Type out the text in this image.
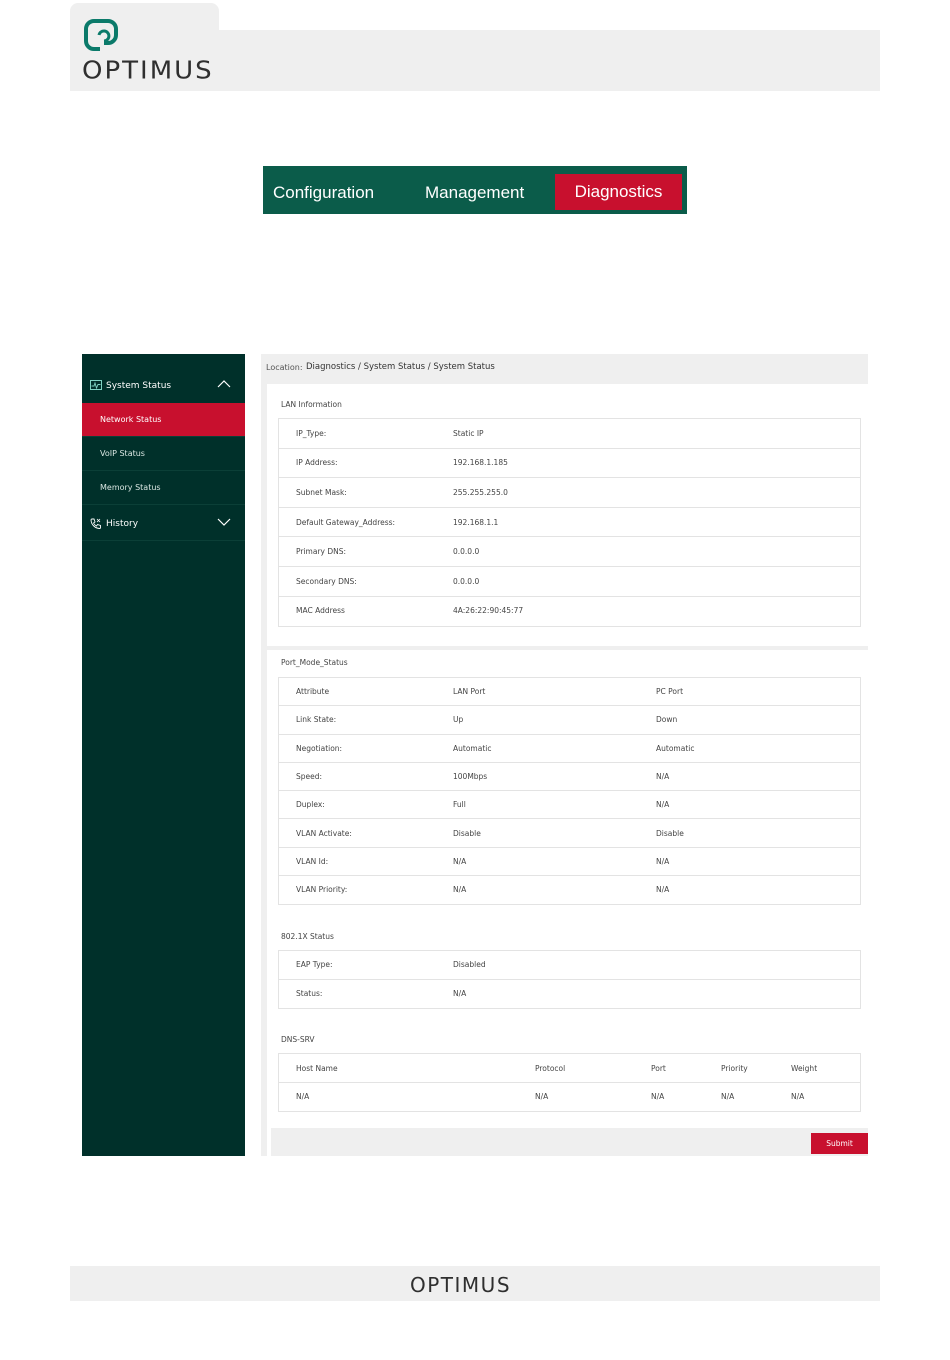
OPTIMUS
Configuration	Management	Diagnostics
System Status
Network Status
VoIP Status
Memory Status
History
Location: Diagnostics / System Status / System Status
LAN Information
IP_Type:	Static IP
IP Address:	192.168.1.185
Subnet Mask:	255.255.255.0
Default Gateway_Address:	192.168.1.1
Primary DNS:	0.0.0.0
Secondary DNS:	0.0.0.0
MAC Address	4A:26:22:90:45:77
Port_Mode_Status
Attribute	LAN Port	PC Port
Link State:	Up	Down
Negotiation:	Automatic	Automatic
Speed:	100Mbps	N/A
Duplex:	Full	N/A
VLAN Activate:	Disable	Disable
VLAN Id:	N/A	N/A
VLAN Priority:	N/A	N/A
802.1X Status
EAP Type:	Disabled
Status:	N/A
DNS-SRV
Host Name	Protocol	Port	Priority	Weight
N/A	N/A	N/A	N/A	N/A
Submit
OPTIMUS
